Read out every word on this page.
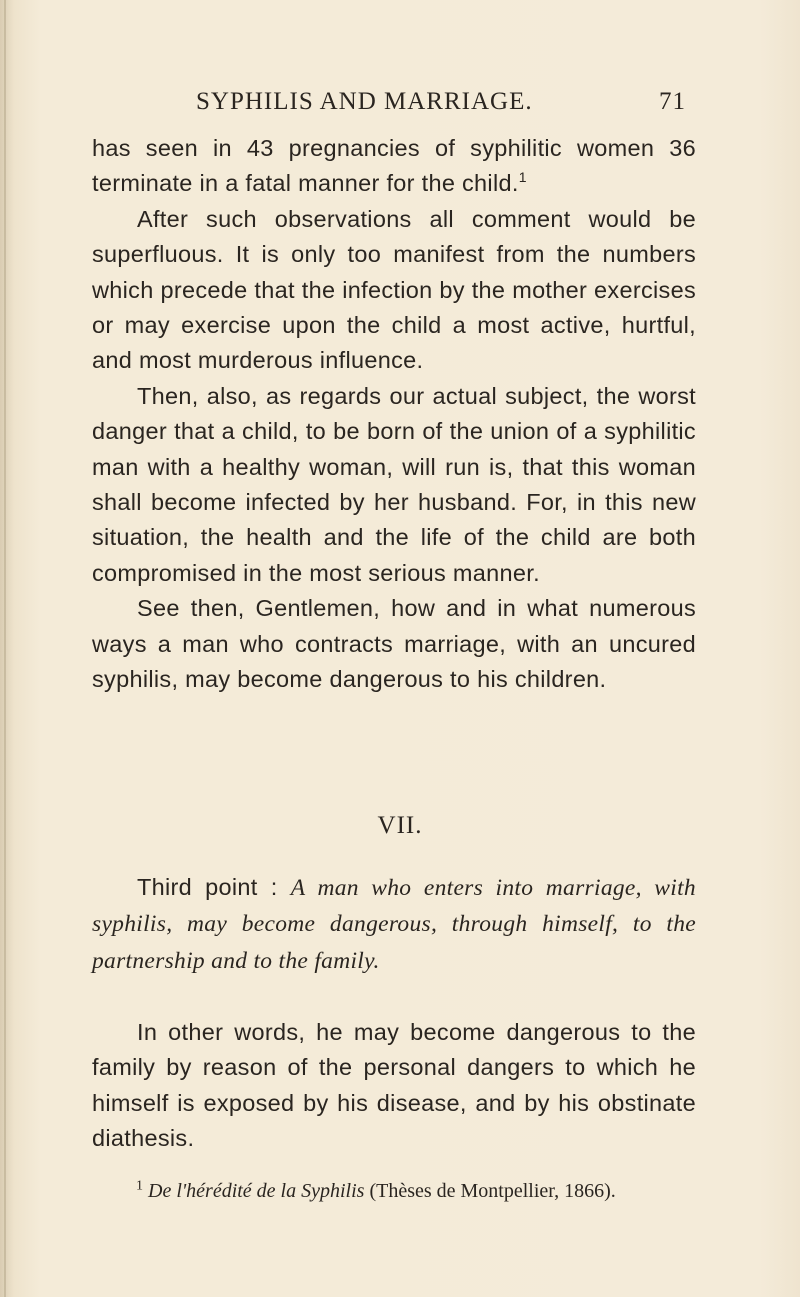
SYPHILIS AND MARRIAGE.	71

has seen in 43 pregnancies of syphilitic women 36 terminate in a fatal manner for the child.$^1$

After such observations all comment would be superfluous. It is only too manifest from the numbers which precede that the infection by the mother exercises or may exercise upon the child a most active, hurtful, and most murderous influence.

Then, also, as regards our actual subject, the worst danger that a child, to be born of the union of a syphilitic man with a healthy woman, will run is, that this woman shall become infected by her husband. For, in this new situation, the health and the life of the child are both compromised in the most serious manner.

See then, Gentlemen, how and in what numerous ways a man who contracts marriage, with an uncured syphilis, may become dangerous to his children.

VII.

Third point : A man who enters into marriage, with syphilis, may become dangerous, through himself, to the partnership and to the family.

In other words, he may become dangerous to the family by reason of the personal dangers to which he himself is exposed by his disease, and by his obstinate diathesis.

$^1$ De l'hérédité de la Syphilis (Thèses de Montpellier, 1866).
